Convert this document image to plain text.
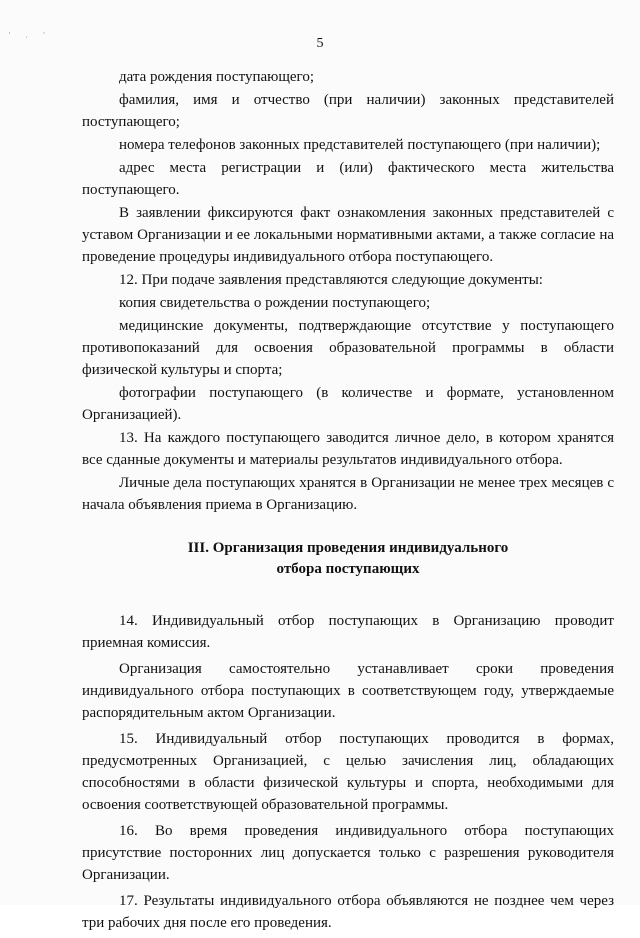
· ˌ ·
5

дата рождения поступающего;

фамилия, имя и отчество (при наличии) законных представителей поступающего;

номера телефонов законных представителей поступающего (при наличии);

адрес места регистрации и (или) фактического места жительства поступающего.

В заявлении фиксируются факт ознакомления законных представителей с уставом Организации и ее локальными нормативными актами, а также согласие на проведение процедуры индивидуального отбора поступающего.

12. При подаче заявления представляются следующие документы:

копия свидетельства о рождении поступающего;

медицинские документы, подтверждающие отсутствие у поступающего противопоказаний для освоения образовательной программы в области физической культуры и спорта;

фотографии поступающего (в количестве и формате, установленном Организацией).

13. На каждого поступающего заводится личное дело, в котором хранятся все сданные документы и материалы результатов индивидуального отбора.

Личные дела поступающих хранятся в Организации не менее трех месяцев с начала объявления приема в Организацию.

III. Организация проведения индивидуального
отбора поступающих

14. Индивидуальный отбор поступающих в Организацию проводит приемная комиссия.

Организация самостоятельно устанавливает сроки проведения индивидуального отбора поступающих в соответствующем году, утверждаемые распорядительным актом Организации.

15. Индивидуальный отбор поступающих проводится в формах, предусмотренных Организацией, с целью зачисления лиц, обладающих способностями в области физической культуры и спорта, необходимыми для освоения соответствующей образовательной программы.

16. Во время проведения индивидуального отбора поступающих присутствие посторонних лиц допускается только с разрешения руководителя Организации.

17. Результаты индивидуального отбора объявляются не позднее чем через три рабочих дня после его проведения.
